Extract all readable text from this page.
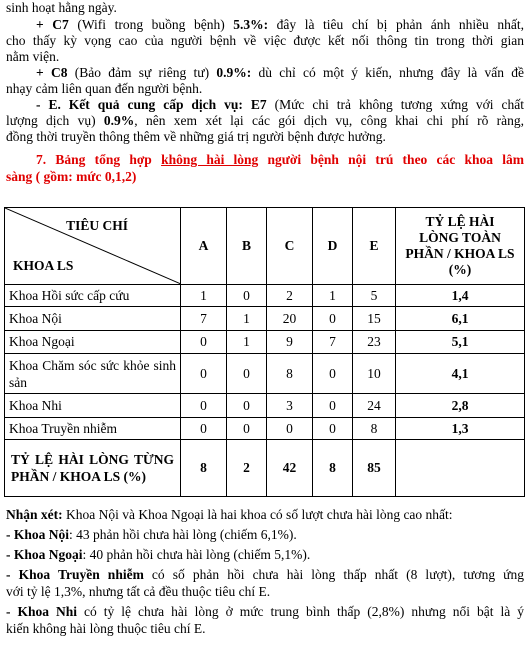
sinh hoạt hằng ngày.
+ C7 (Wifi trong buồng bệnh) 5.3%: đây là tiêu chí bị phản ánh nhiều nhất,
cho thấy kỳ vọng cao của người bệnh về việc được kết nối thông tin trong thời gian
nằm viện.
+ C8 (Bảo đảm sự riêng tư) 0.9%: dù chỉ có một ý kiến, nhưng đây là vấn đề
nhạy cảm liên quan đến người bệnh.
- E. Kết quả cung cấp dịch vụ: E7 (Mức chi trả không tương xứng với chất
lượng dịch vụ) 0.9%, nên xem xét lại các gói dịch vụ, công khai chi phí rõ ràng,
đồng thời truyền thông thêm về những giá trị người bệnh được hưởng.
7. Bảng tổng hợp không hài lòng người bệnh nội trú theo các khoa lâm
sàng ( gồm: mức 0,1,2)
TIÊU CHÍ
KHOA LS	A	B	C	D	E	TỶ LỆ HÀI LÒNG TOÀN PHẦN / KHOA LS (%)
Khoa Hồi sức cấp cứu	1	0	2	1	5	1,4
Khoa Nội	7	1	20	0	15	6,1
Khoa Ngoại	0	1	9	7	23	5,1
Khoa Chăm sóc sức khỏe sinh sản	0	0	8	0	10	4,1
Khoa Nhi	0	0	3	0	24	2,8
Khoa Truyền nhiễm	0	0	0	0	8	1,3
TỶ LỆ HÀI LÒNG TỪNG PHẦN / KHOA LS (%)	8	2	42	8	85	
Nhận xét: Khoa Nội và Khoa Ngoại là hai khoa có số lượt chưa hài lòng cao nhất:
- Khoa Nội: 43 phản hồi chưa hài lòng (chiếm 6,1%).
- Khoa Ngoại: 40 phản hồi chưa hài lòng (chiếm 5,1%).
- Khoa Truyền nhiễm có số phản hồi chưa hài lòng thấp nhất (8 lượt), tương ứng
với tỷ lệ 1,3%, nhưng tất cả đều thuộc tiêu chí E.
- Khoa Nhi có tỷ lệ chưa hài lòng ở mức trung bình thấp (2,8%) nhưng nổi bật là ý
kiến không hài lòng thuộc tiêu chí E.
